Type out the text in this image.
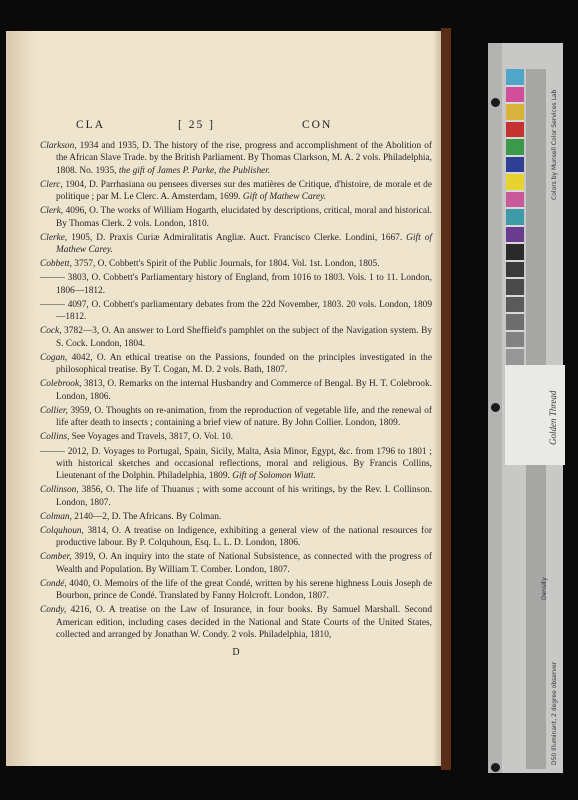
CLA	[ 25 ]	CON
Clarkson, 1934 and 1935, D. The history of the rise, progress and accomplishment of the Abolition of the African Slave Trade. by the British Parliament. By Thomas Clarkson, M. A. 2 vols. Philadelphia, 1808. No. 1935, the gift of James P. Parke, the Publisher.
Clerc, 1904, D. Parrhasiana ou pensees diverses sur des matières de Critique, d'histoire, de morale et de politique ; par M. Le Clerc. A. Amsterdam, 1699. Gift of Mathew Carey.
Clerk, 4096, O. The works of William Hogarth, elucidated by descriptions, critical, moral and historical. By Thomas Clerk. 2 vols. London, 1810.
Clerke, 1905, D. Praxis Curiæ Admiralitatis Angliæ. Auct. Francisco Clerke. Londini, 1667. Gift of Mathew Carey.
Cobbett, 3757, O. Cobbett's Spirit of the Public Journals, for 1804. Vol. 1st. London, 1805.
——— 3803, O. Cobbett's Parliamentary history of England, from 1016 to 1803. Vols. 1 to 11. London, 1806—1812.
——— 4097, O. Cobbett's parliamentary debates from the 22d November, 1803. 20 vols. London, 1809—1812.
Cock, 3782—3, O. An answer to Lord Sheffield's pamphlet on the subject of the Navigation system. By S. Cock. London, 1804.
Cogan, 4042, O. An ethical treatise on the Passions, founded on the principles investigated in the philosophical treatise. By T. Cogan, M. D. 2 vols. Bath, 1807.
Colebrook, 3813, O. Remarks on the internal Husbandry and Commerce of Bengal. By H. T. Colebrook. London, 1806.
Collier, 3959, O. Thoughts on re-animation, from the reproduction of vegetable life, and the renewal of life after death to insects ; containing a brief view of nature. By John Collier. London, 1809.
Collins, See Voyages and Travels, 3817, O. Vol. 10.
——— 2012, D. Voyages to Portugal, Spain, Sicily, Malta, Asia Minor, Egypt, &c. from 1796 to 1801 ; with historical sketches and occasional reflections, moral and religious. By Francis Collins, Lieutenant of the Dolphin. Philadelphia, 1809. Gift of Solomon Wiatt.
Collinson, 3856, O. The life of Thuanus ; with some account of his writings, by the Rev. I. Collinson. London, 1807.
Colman, 2140—2, D. The Africans. By Colman.
Colquhoun, 3814, O. A treatise on Indigence, exhibiting a general view of the national resources for productive labour. By P. Colquhoun, Esq. L. L. D. London, 1806.
Comber, 3919, O. An inquiry into the state of National Subsistence, as connected with the progress of Wealth and Population. By William T. Comber. London, 1807.
Condé, 4040, O. Memoirs of the life of the great Condé, written by his serene highness Louis Joseph de Bourbon, prince de Condé. Translated by Fanny Holcroft. London, 1807.
Condy, 4216, O. A treatise on the Law of Insurance, in four books. By Samuel Marshall. Second American edition, including cases decided in the National and State Courts of the United States, collected and arranged by Jonathan W. Condy. 2 vols. Philadelphia, 1810,
D
Golden Thread
Colors by Munsell Color Services Lab
D50 Illuminant, 2 degree observer
Density
